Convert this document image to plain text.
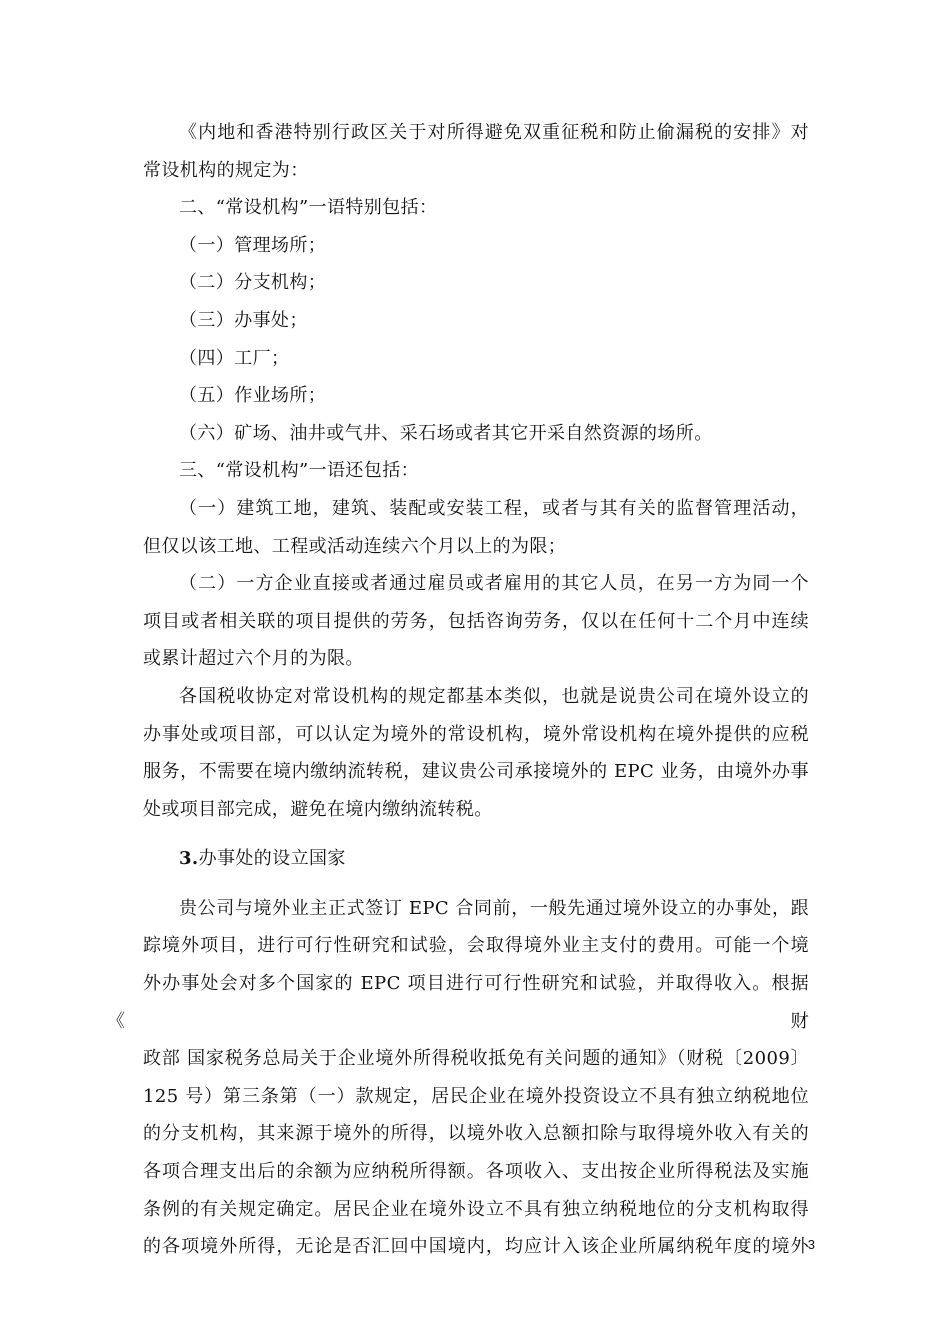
《内地和香港特别行政区关于对所得避免双重征税和防止偷漏税的安排》对
常设机构的规定为：

二、“常设机构”一语特别包括：

（一）管理场所；

（二）分支机构；

（三）办事处；

（四）工厂；

（五）作业场所；

（六）矿场、油井或气井、采石场或者其它开采自然资源的场所。

三、“常设机构”一语还包括：

（一）建筑工地，建筑、装配或安装工程，或者与其有关的监督管理活动，
但仅以该工地、工程或活动连续六个月以上的为限；

（二）一方企业直接或者通过雇员或者雇用的其它人员，在另一方为同一个
项目或者相关联的项目提供的劳务，包括咨询劳务，仅以在任何十二个月中连续
或累计超过六个月的为限。

各国税收协定对常设机构的规定都基本类似，也就是说贵公司在境外设立的
办事处或项目部，可以认定为境外的常设机构，境外常设机构在境外提供的应税
服务，不需要在境内缴纳流转税，建议贵公司承接境外的 EPC 业务，由境外办事
处或项目部完成，避免在境内缴纳流转税。

3.办事处的设立国家

贵公司与境外业主正式签订 EPC 合同前，一般先通过境外设立的办事处，跟
踪境外项目，进行可行性研究和试验，会取得境外业主支付的费用。可能一个境
外办事处会对多个国家的 EPC 项目进行可行性研究和试验，并取得收入。根据《财
政部 国家税务总局关于企业境外所得税收抵免有关问题的通知》（财税〔2009〕
125 号）第三条第（一）款规定，居民企业在境外投资设立不具有独立纳税地位
的分支机构，其来源于境外的所得，以境外收入总额扣除与取得境外收入有关的
各项合理支出后的余额为应纳税所得额。各项收入、支出按企业所得税法及实施
条例的有关规定确定。居民企业在境外设立不具有独立纳税地位的分支机构取得
的各项境外所得，无论是否汇回中国境内，均应计入该企业所属纳税年度的境外

3
